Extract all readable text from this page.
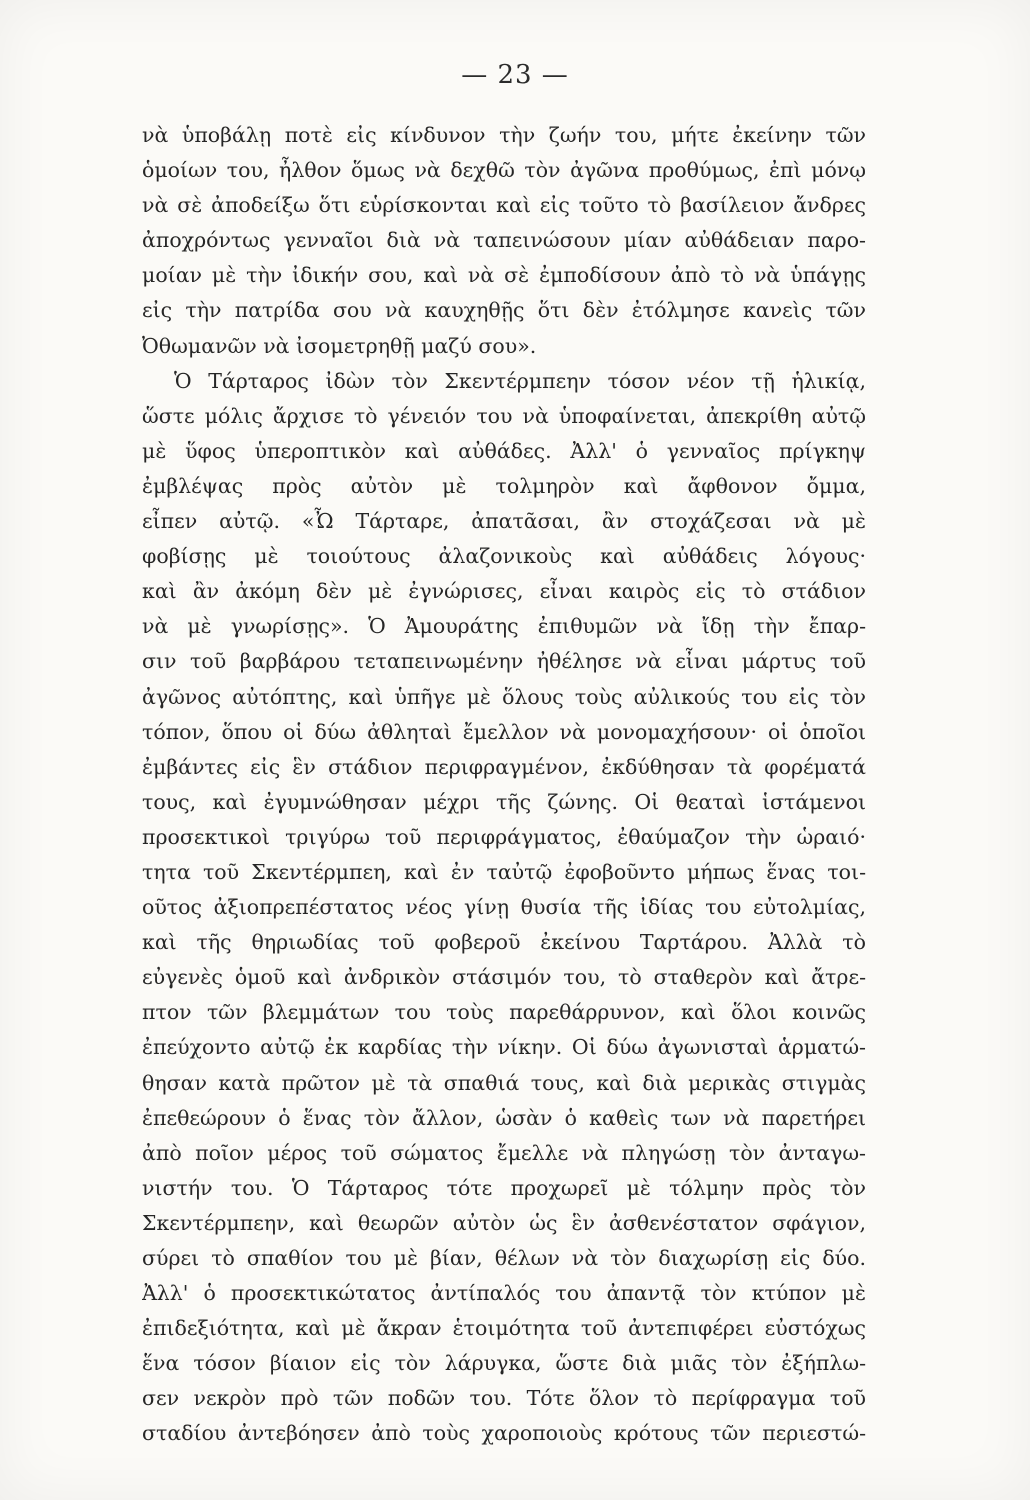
— 23 —
νὰ ὑποβάλῃ ποτὲ εἰς κίνδυνον τὴν ζωήν του, μήτε ἐκείνην τῶν
ὁμοίων του, ἦλθον ὅμως νὰ δεχθῶ τὸν ἀγῶνα προθύμως, ἐπὶ μόνῳ
νὰ σὲ ἀποδείξω ὅτι εὑρίσκονται καὶ εἰς τοῦτο τὸ βασίλειον ἄνδρες
ἀποχρόντως γενναῖοι διὰ νὰ ταπεινώσουν μίαν αὐθάδειαν παρο-
μοίαν μὲ τὴν ἰδικήν σου, καὶ νὰ σὲ ἐμποδίσουν ἀπὸ τὸ νὰ ὑπάγῃς
εἰς τὴν πατρίδα σου νὰ καυχηθῇς ὅτι δὲν ἐτόλμησε κανεὶς τῶν
Ὀθωμανῶν νὰ ἰσομετρηθῇ μαζύ σου».
Ὁ Τάρταρος ἰδὼν τὸν Σκεντέρμπεην τόσον νέον τῇ ἡλικίᾳ,
ὥστε μόλις ἄρχισε τὸ γένειόν του νὰ ὑποφαίνεται, ἀπεκρίθη αὐτῷ
μὲ ὕφος ὑπεροπτικὸν καὶ αὐθάδες. Ἀλλ' ὁ γενναῖος πρίγκηψ
ἐμβλέψας πρὸς αὐτὸν μὲ τολμηρὸν καὶ ἄφθονον ὄμμα,
εἶπεν αὐτῷ. «Ὦ Τάρταρε, ἀπατᾶσαι, ἂν στοχάζεσαι νὰ μὲ
φοβίσῃς μὲ τοιούτους ἀλαζονικοὺς καὶ αὐθάδεις λόγους·
καὶ ἂν ἀκόμη δὲν μὲ ἐγνώρισες, εἶναι καιρὸς εἰς τὸ στάδιον
νὰ μὲ γνωρίσῃς». Ὁ Ἀμουράτης ἐπιθυμῶν νὰ ἴδῃ τὴν ἔπαρ-
σιν τοῦ βαρβάρου τεταπεινωμένην ἠθέλησε νὰ εἶναι μάρτυς τοῦ
ἀγῶνος αὐτόπτης, καὶ ὑπῆγε μὲ ὅλους τοὺς αὐλικούς του εἰς τὸν
τόπον, ὅπου οἱ δύω ἀθληταὶ ἔμελλον νὰ μονομαχήσουν· οἱ ὁποῖοι
ἐμβάντες εἰς ἓν στάδιον περιφραγμένον, ἐκδύθησαν τὰ φορέματά
τους, καὶ ἐγυμνώθησαν μέχρι τῆς ζώνης. Οἱ θεαταὶ ἱστάμενοι
προσεκτικοὶ τριγύρω τοῦ περιφράγματος, ἐθαύμαζον τὴν ὡραιό·
τητα τοῦ Σκεντέρμπεη, καὶ ἐν ταὐτῷ ἐφοβοῦντο μήπως ἕνας τοι-
οῦτος ἀξιοπρεπέστατος νέος γίνῃ θυσία τῆς ἰδίας του εὐτολμίας,
καὶ τῆς θηριωδίας τοῦ φοβεροῦ ἐκείνου Ταρτάρου. Ἀλλὰ τὸ
εὐγενὲς ὁμοῦ καὶ ἀνδρικὸν στάσιμόν του, τὸ σταθερὸν καὶ ἄτρε-
πτον τῶν βλεμμάτων του τοὺς παρεθάρρυνον, καὶ ὅλοι κοινῶς
ἐπεύχοντο αὐτῷ ἐκ καρδίας τὴν νίκην. Οἱ δύω ἀγωνισταὶ ἁρματώ-
θησαν κατὰ πρῶτον μὲ τὰ σπαθιά τους, καὶ διὰ μερικὰς στιγμὰς
ἐπεθεώρουν ὁ ἕνας τὸν ἄλλον, ὡσὰν ὁ καθεὶς των νὰ παρετήρει
ἀπὸ ποῖον μέρος τοῦ σώματος ἔμελλε νὰ πληγώσῃ τὸν ἀνταγω-
νιστήν του. Ὁ Τάρταρος τότε προχωρεῖ μὲ τόλμην πρὸς τὸν
Σκεντέρμπεην, καὶ θεωρῶν αὐτὸν ὡς ἓν ἀσθενέστατον σφάγιον,
σύρει τὸ σπαθίον του μὲ βίαν, θέλων νὰ τὸν διαχωρίσῃ εἰς δύο.
Ἀλλ' ὁ προσεκτικώτατος ἀντίπαλός του ἀπαντᾷ τὸν κτύπον μὲ
ἐπιδεξιότητα, καὶ μὲ ἄκραν ἑτοιμότητα τοῦ ἀντεπιφέρει εὐστόχως
ἕνα τόσον βίαιον εἰς τὸν λάρυγκα, ὥστε διὰ μιᾶς τὸν ἐξήπλω-
σεν νεκρὸν πρὸ τῶν ποδῶν του. Τότε ὅλον τὸ περίφραγμα τοῦ
σταδίου ἀντεβόησεν ἀπὸ τοὺς χαροποιοὺς κρότους τῶν περιεστώ-
